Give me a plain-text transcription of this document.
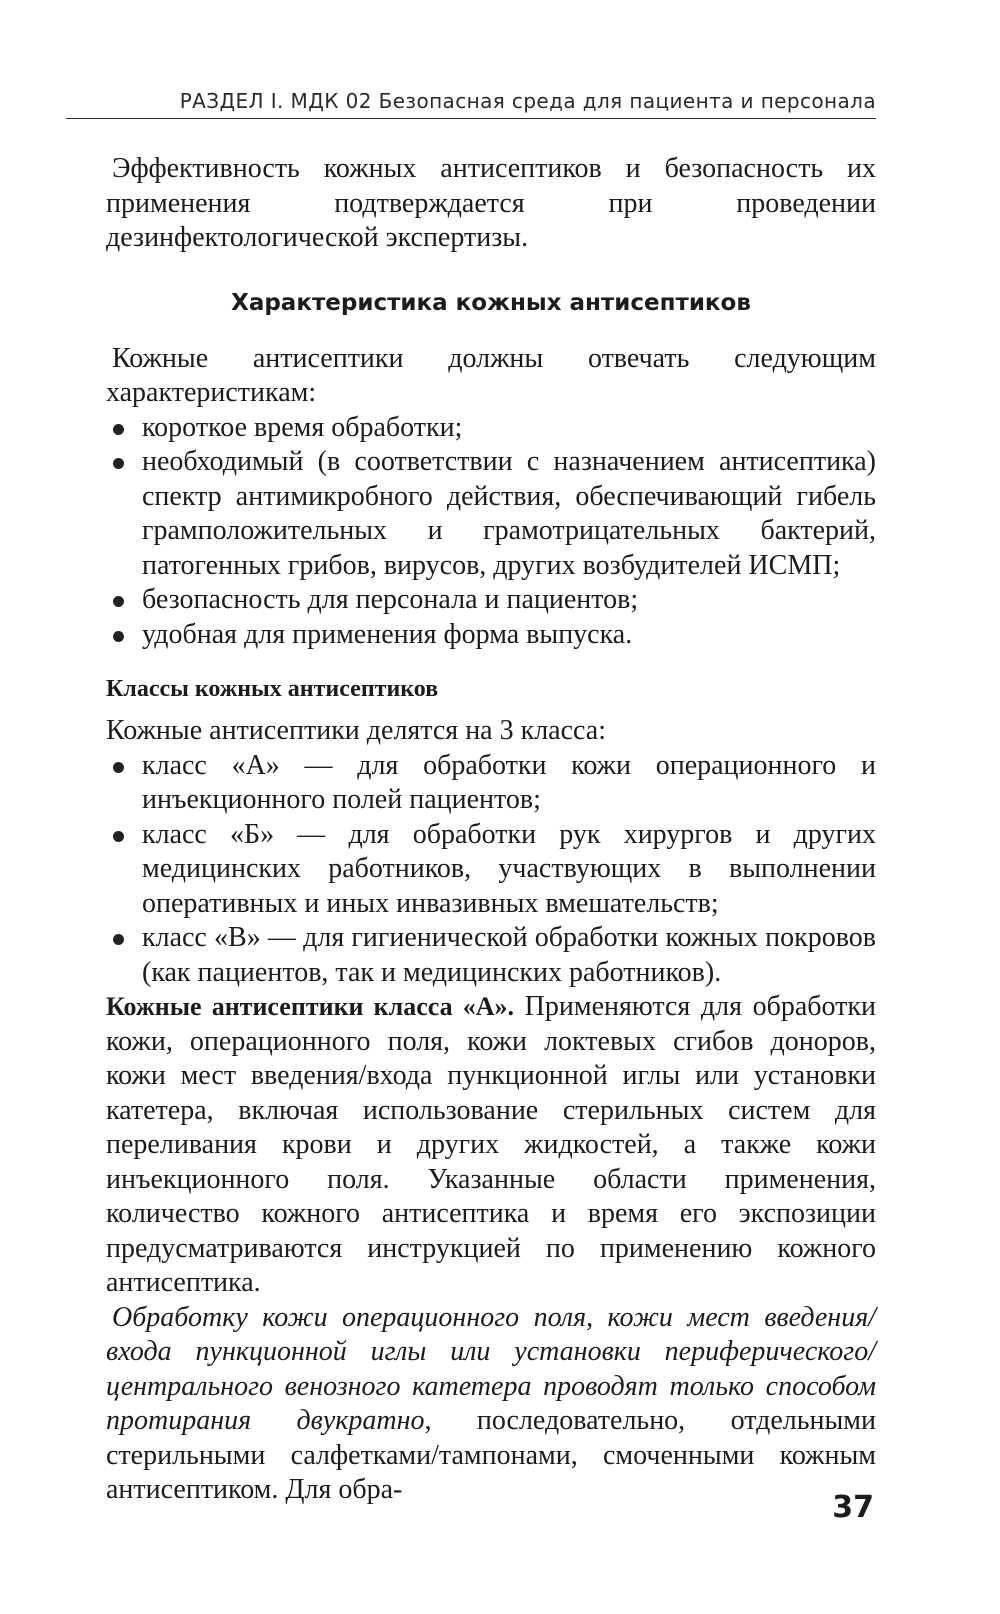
РАЗДЕЛ I. МДК 02 Безопасная среда для пациента и персонала

Эффективность кожных антисептиков и безопасность их применения подтверждается при проведении дезинфектологической экспертизы.

Характеристика кожных антисептиков

Кожные антисептики должны отвечать следующим характеристикам:

короткое время обработки;
необходимый (в соответствии с назначением антисептика) спектр антимикробного действия, обеспечивающий гибель грамположительных и грамотрицательных бактерий, патогенных грибов, вирусов, других возбудителей ИСМП;
безопасность для персонала и пациентов;
удобная для применения форма выпуска.
Классы кожных антисептиков

Кожные антисептики делятся на 3 класса:

класс «А» — для обработки кожи операционного и инъекционного полей пациентов;
класс «Б» — для обработки рук хирургов и других медицинских работников, участвующих в выполнении оперативных и иных инвазивных вмешательств;
класс «В» — для гигиенической обработки кожных покровов (как пациентов, так и медицинских работников).

Кожные антисептики класса «А». Применяются для обработки кожи, операционного поля, кожи локтевых сгибов доноров, кожи мест введения/входа пункционной иглы или установки катетера, включая использование стерильных систем для переливания крови и других жидкостей, а также кожи инъекционного поля. Указанные области применения, количество кожного антисептика и время его экспозиции предусматриваются инструкцией по применению кожного антисептика.

Обработку кожи операционного поля, кожи мест введения/входа пункционной иглы или установки периферического/центрального венозного катетера проводят только способом протирания двукратно, последовательно, отдельными стерильными салфетками/тампонами, смоченными кожным антисептиком. Для обра-

37
